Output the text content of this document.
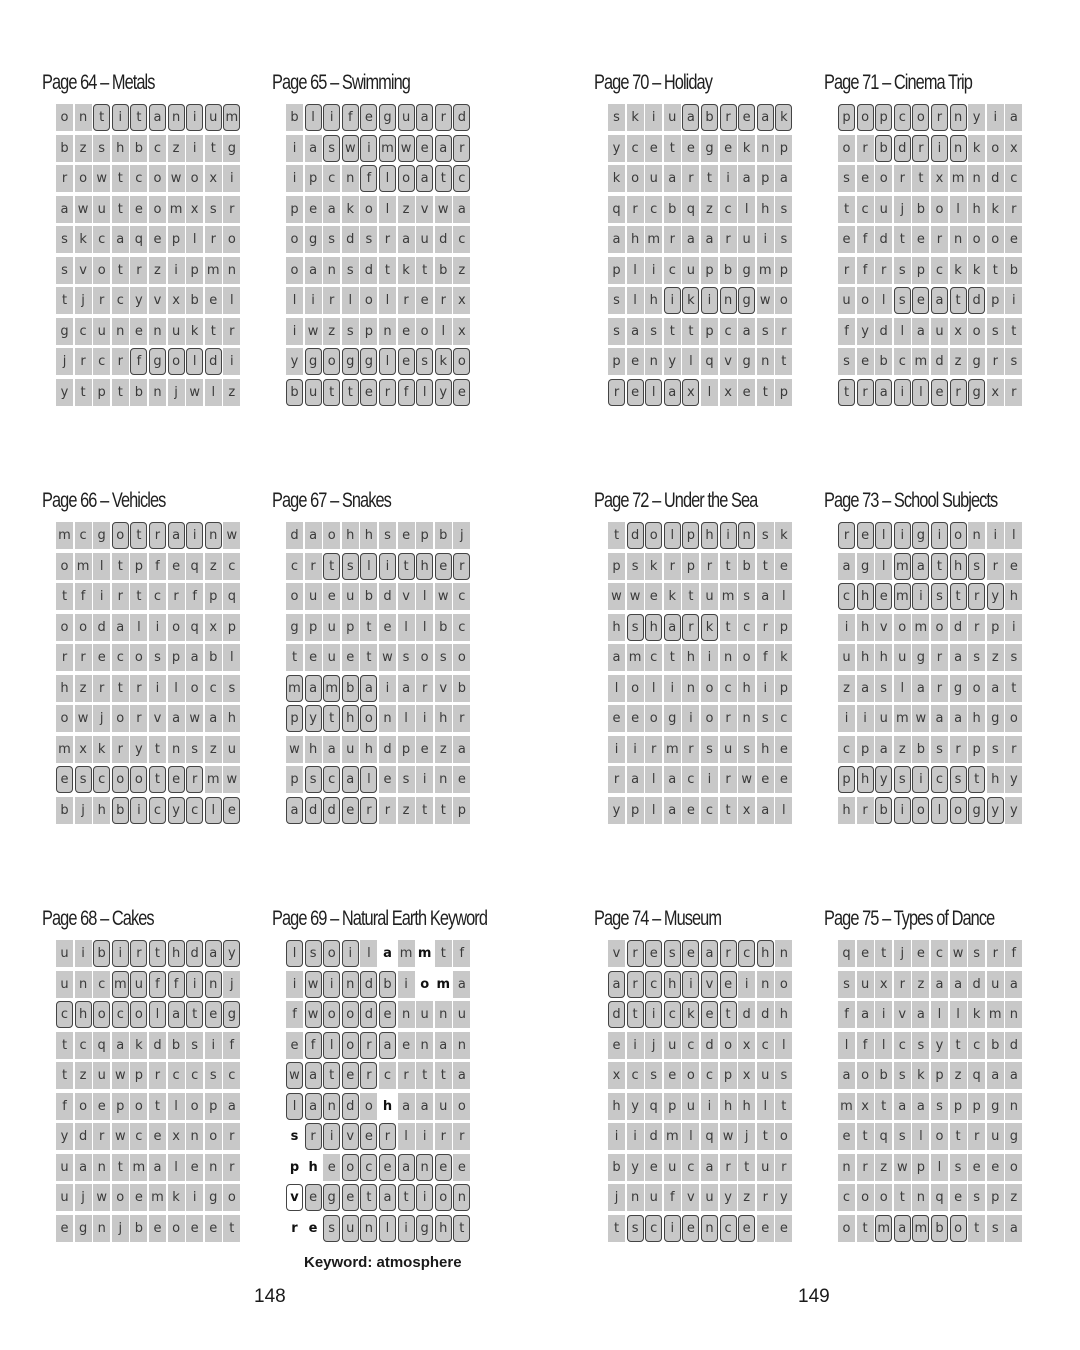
Page 64 – Metals
o n t	i	t a n i u m
b z s h b c z	i	t g
r o w t c o w o x i
a w u t e o m x s r
s k c a q e p l	r o
s v o t	r z	i p m n
t	j	r c y v x b e l
g c u n e n u k t	r
j	r c r	f g o l d i
y t p t b n j w l	z
Page 65 – Swimming
b l	i	f e g u a r d
i a s w i m w e a r
i p c n f	l o a t c
p e a k o l	z v w a
o g s d s r a u d c
o a n s d t k t b z
l	i	r	l o l	r e r x
i w z s p n e o l x
y g o g g l e s k o
b u t	t e r	f	l y e
Page 70 – Holiday
s k	i u a b r e a k
y c e t e g e k n p
k o u a r	t	i a p a
q r c b q z c	l h s
a h m r a a r u i	s
p l	i	c u p b g m p
s	l h i	k	i n g w o
s a s t	t p c a s r
p e n y l q v g n t
r e l a x l x e t p
Page 71 – Cinema Trip
p o p c o r n y i a
o r b d r	i n k o x
s e o r	t x m n d c
t c u j b o l h k r
e f d t e r n o o e
r	f	r s p c k k t b
u o l	s e a t d p i
f y d l a u x o s t
s e b c m d z g r s
t	r a i	l e r g x r
Page 66 – Vehicles
m c g o t	r a i n w
o m l	t p f e q z c
t	f	i	r	t c r	f p q
o o d a l	i o q x p
r	r e c o s p a b l
h z r	t	r	i	l o c s
o w j o r v a w a h
m x k r y t n s z u
e s c o o t e r m w
b j h b i	c y c	l e
Page 67 – Snakes
d a o h h s e p b j
c r	t s	l	i	t h e r
o u e u b d v l w c
g p u p t e l	l b c
t e u e t w s o s o
m a m b a i a r v b
p y t h o n l	i h r
w h a u h d p e z a
p s c a l e s	i n e
a d d e r	r z t	t p
Page 72 – Under the Sea
t d o l p h i n s k
p s k r p r	t b t e
w w e k t u m s a l
h s h a r k t c r p
a m c t h i n o f k
l o l	i n o c h i p
e e o g i o r n s c
i	i	r m r s u s h e
r a l a c	i	r w e e
y p l a e c t x a l
Page 73 – School Subjects
r e l	i g i o n i	l
a g l m a t h s r e
c h e m i	s t	r y h
i h v o m o d r p i
u h h u g r a s z s
z a s	l a r g o a t
i	i u m w a a h g o
c p a z b s r p s r
p h y s	i	c s t h y
h r b i o l o g y y
Page 68 – Cakes
u i b i	r	t h d a y
u n c m u f	f	i n j
c h o c o l a t e g
t c q a k d b s	i	f
t z u w p r c c s c
f o e p o t	l o p a
y d r w c e x n o r
u a n t m a l e n r
u j w o e m k	i g o
e g n j b e o e e t
Page 69 – Natural Earth Keyword
l	s o i	l a m m t	f
i w i n d b i o m a
f w o o d e n u n u
e f	l o r a e n a n
w a t e r c r	t	t a
l a n d o h a a u o
s r	i v e r	l	i	r	r
p h e o c e a n e e
v e g e t a t	i o n
r e s u n l	i g h t
Page 74 – Museum
v r e s e a r c h n
a r c h i v e i n o
d t	i	c k e t d d h
e i	j u c d o x c	l
x c s e o c p x u s
h y q p u i h h l	t
i	i d m l q w j	t o
b y e u c a r	t u r
j n u f v u y z r y
t s c	i e n c e e e
Page 75 – Types of Dance
q e t	j e c w s r	f
s u x r z a a d u a
f a i v a l	l	k m n
l	f	l	c s y t c b d
a o b s k p z q a a
m x t a a s p p g n
e t q s	l o t	r u g
n r z w p l	s e e o
c o o t n q e s p z
o t m a m b o t s a
Keyword: atmosphere
148	149
